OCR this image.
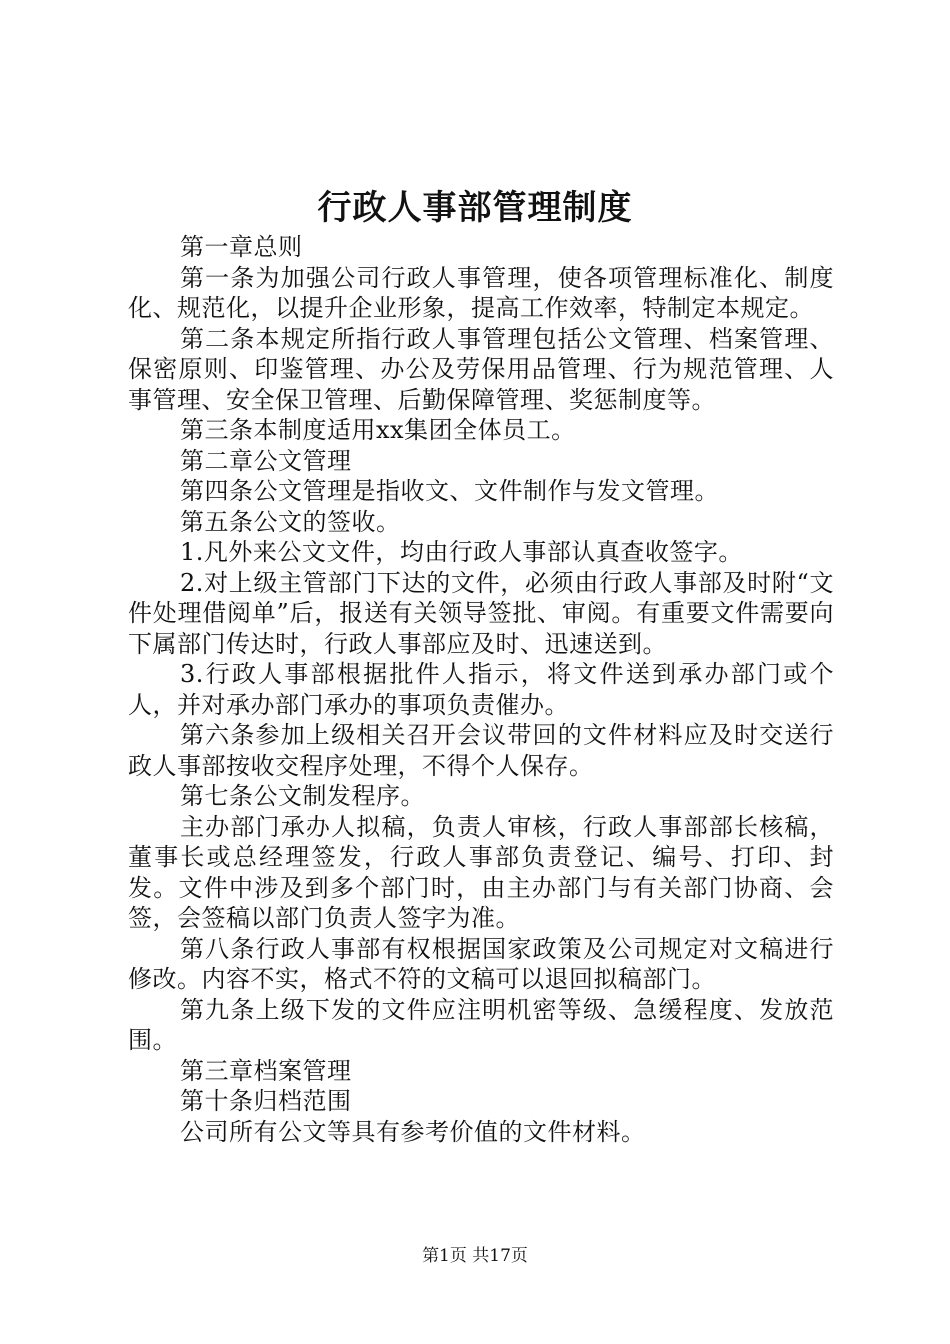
行政人事部管理制度

第一章总则

第一条为加强公司行政人事管理，使各项管理标准化、制度化、规范化，以提升企业形象，提高工作效率，特制定本规定。

第二条本规定所指行政人事管理包括公文管理、档案管理、保密原则、印鉴管理、办公及劳保用品管理、行为规范管理、人事管理、安全保卫管理、后勤保障管理、奖惩制度等。

第三条本制度适用xx集团全体员工。

第二章公文管理

第四条公文管理是指收文、文件制作与发文管理。

第五条公文的签收。

1.凡外来公文文件，均由行政人事部认真查收签字。

2.对上级主管部门下达的文件，必须由行政人事部及时附“文件处理借阅单”后，报送有关领导签批、审阅。有重要文件需要向下属部门传达时，行政人事部应及时、迅速送到。

3.行政人事部根据批件人指示，将文件送到承办部门或个人，并对承办部门承办的事项负责催办。

第六条参加上级相关召开会议带回的文件材料应及时交送行政人事部按收交程序处理，不得个人保存。

第七条公文制发程序。

主办部门承办人拟稿，负责人审核，行政人事部部长核稿，董事长或总经理签发，行政人事部负责登记、编号、打印、封发。文件中涉及到多个部门时，由主办部门与有关部门协商、会签，会签稿以部门负责人签字为准。

第八条行政人事部有权根据国家政策及公司规定对文稿进行修改。内容不实，格式不符的文稿可以退回拟稿部门。

第九条上级下发的文件应注明机密等级、急缓程度、发放范围。

第三章档案管理

第十条归档范围

公司所有公文等具有参考价值的文件材料。

第1页 共17页
